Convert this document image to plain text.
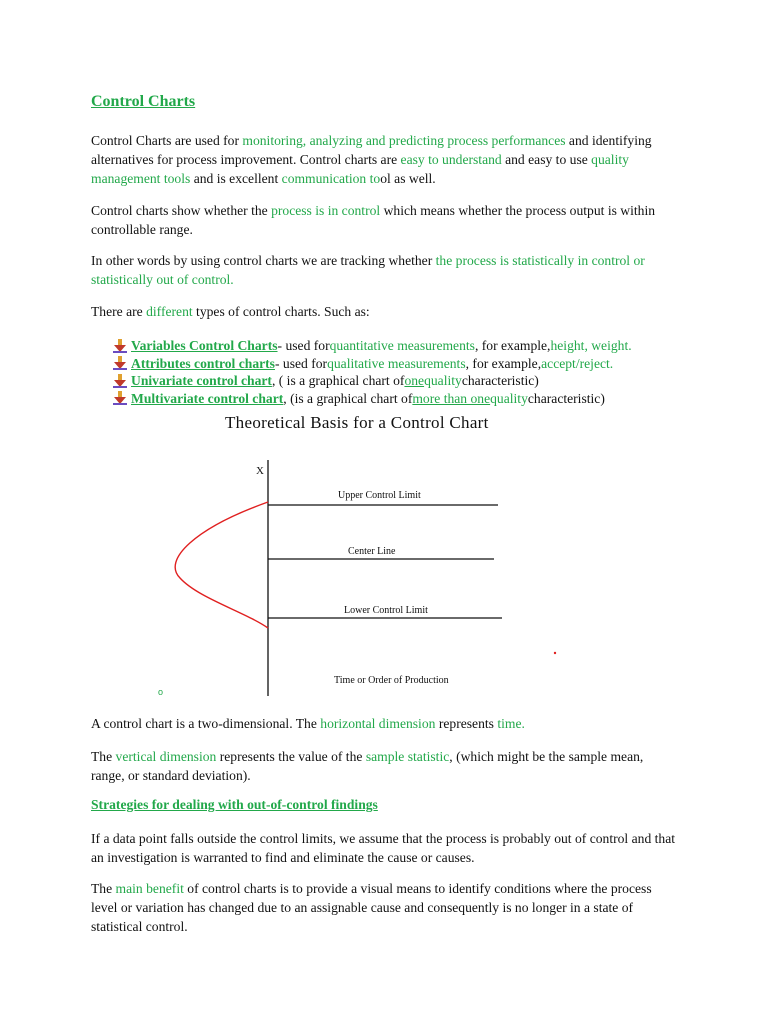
Control Charts

Control Charts are used for monitoring, analyzing and predicting process performances and identifying alternatives for process improvement. Control charts are easy to understand and easy to use quality management tools and is excellent communication tool as well.

Control charts show whether the process is in control which means whether the process output is within controllable range.

In other words by using control charts we are tracking whether the process is statistically in control or statistically out of control.

There are different types of control charts. Such as:

Variables Control Charts - used for quantitative measurements , for example, height, weight.
Attributes control charts - used for qualitative measurements , for example, accept/reject.
Univariate control chart , ( is a graphical chart of one quality characteristic)
Multivariate control chart , (is a graphical chart of more than one quality characteristic)
Theoretical Basis for a Control Chart
X
Upper Control Limit
Center Line
Lower Control Limit
Time or Order of Production
o

A control chart is a two-dimensional. The horizontal dimension represents time.

The vertical dimension represents the value of the sample statistic, (which might be the sample mean, range, or standard deviation).

Strategies for dealing with out-of-control findings

If a data point falls outside the control limits, we assume that the process is probably out of control and that an investigation is warranted to find and eliminate the cause or causes.

The main benefit of control charts is to provide a visual means to identify conditions where the process level or variation has changed due to an assignable cause and consequently is no longer in a state of statistical control.
